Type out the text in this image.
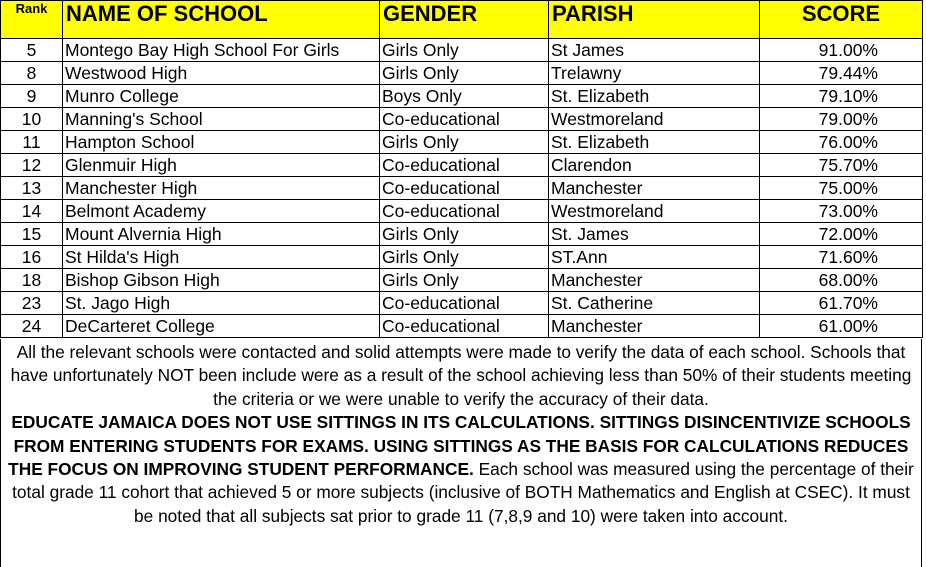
Rank	NAME OF SCHOOL	GENDER	PARISH	SCORE
5	Montego Bay High School For Girls	Girls Only	St James	91.00%
8	Westwood High	Girls Only	Trelawny	79.44%
9	Munro College	Boys Only	St. Elizabeth	79.10%
10	Manning's School	Co-educational	Westmoreland	79.00%
11	Hampton School	Girls Only	St. Elizabeth	76.00%
12	Glenmuir High	Co-educational	Clarendon	75.70%
13	Manchester High	Co-educational	Manchester	75.00%
14	Belmont Academy	Co-educational	Westmoreland	73.00%
15	Mount Alvernia High	Girls Only	St. James	72.00%
16	St Hilda's High	Girls Only	ST.Ann	71.60%
18	Bishop Gibson High	Girls Only	Manchester	68.00%
23	St. Jago High	Co-educational	St. Catherine	61.70%
24	DeCarteret College	Co-educational	Manchester	61.00%

All the relevant schools were contacted and solid attempts were made to verify the data of each school. Schools that have unfortunately NOT been include were as a result of the school achieving less than 50% of their students meeting the criteria or we were unable to verify the accuracy of their data.

EDUCATE JAMAICA DOES NOT USE SITTINGS IN ITS CALCULATIONS. SITTINGS DISINCENTIVIZE SCHOOLS FROM ENTERING STUDENTS FOR EXAMS. USING SITTINGS AS THE BASIS FOR CALCULATIONS REDUCES THE FOCUS ON IMPROVING STUDENT PERFORMANCE. Each school was measured using the percentage of their total grade 11 cohort that achieved 5 or more subjects (inclusive of BOTH Mathematics and English at CSEC). It must be noted that all subjects sat prior to grade 11 (7,8,9 and 10) were taken into account.
